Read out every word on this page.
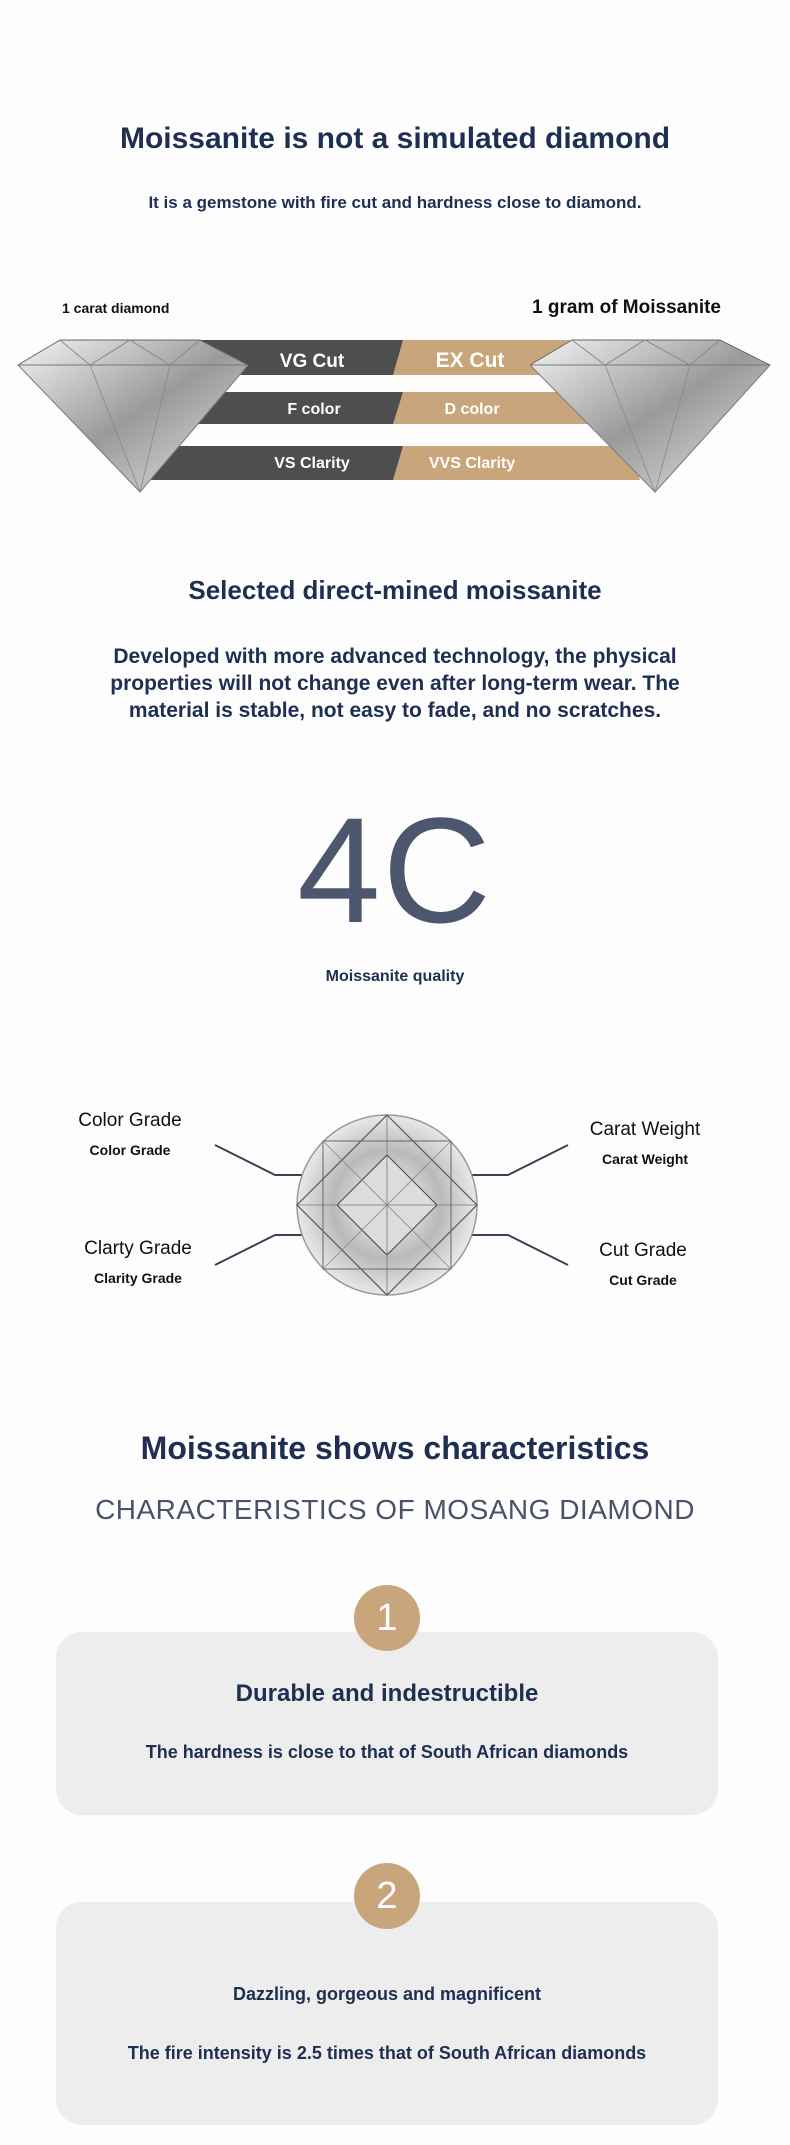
Moissanite is not a simulated diamond
It is a gemstone with fire cut and hardness close to diamond.
1 carat diamond	1 gram of Moissanite
VG Cut	EX Cut
F color	D color
VS Clarity	VVS Clarity
Selected direct-mined moissanite
Developed with more advanced technology, the physical properties will not change even after long-term wear. The material is stable, not easy to fade, and no scratches.
4C
Moissanite quality
Color Grade
Color Grade
Clarty Grade
Clarity Grade
Carat Weight
Carat Weight
Cut Grade
Cut Grade
Moissanite shows characteristics
CHARACTERISTICS OF MOSANG DIAMOND
Durable and indestructible
The hardness is close to that of South African diamonds
1
Dazzling, gorgeous and magnificent
The fire intensity is 2.5 times that of South African diamonds
2
